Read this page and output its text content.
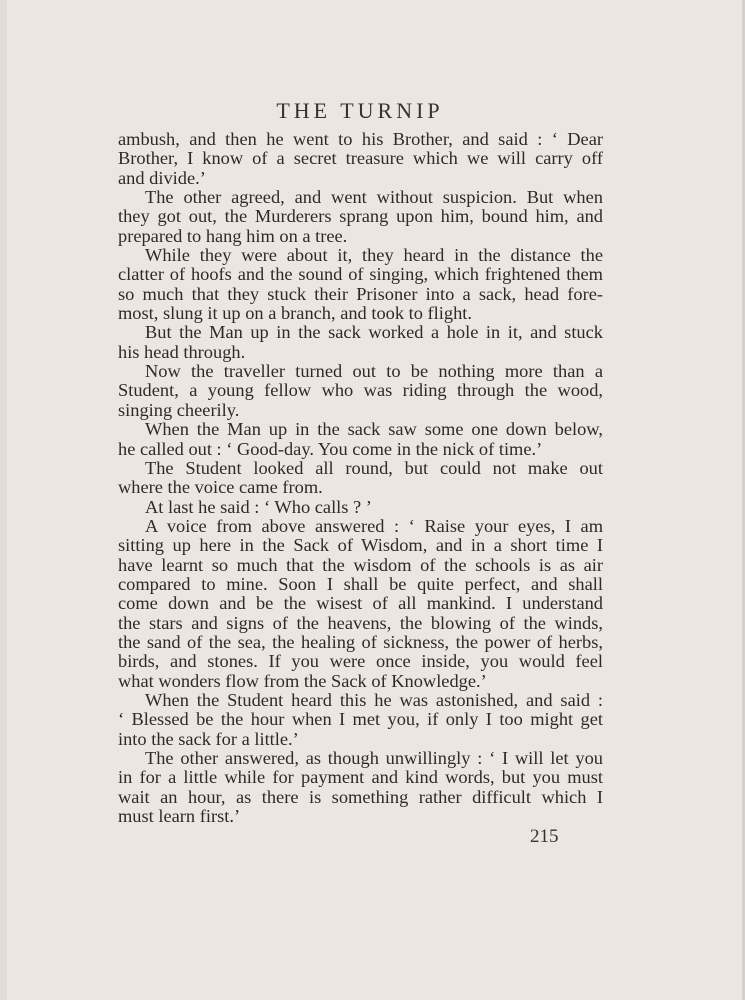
THE TURNIP
ambush, and then he went to his Brother, and said : ‘ Dear
Brother, I know of a secret treasure which we will carry off
and divide.’
The other agreed, and went without suspicion. But when
they got out, the Murderers sprang upon him, bound him, and
prepared to hang him on a tree.
While they were about it, they heard in the distance the
clatter of hoofs and the sound of singing, which frightened them
so much that they stuck their Prisoner into a sack, head fore-
most, slung it up on a branch, and took to flight.
But the Man up in the sack worked a hole in it, and stuck
his head through.
Now the traveller turned out to be nothing more than a
Student, a young fellow who was riding through the wood,
singing cheerily.
When the Man up in the sack saw some one down below,
he called out : ‘ Good-day. You come in the nick of time.’
The Student looked all round, but could not make out
where the voice came from.
At last he said : ‘ Who calls ? ’
A voice from above answered : ‘ Raise your eyes, I am
sitting up here in the Sack of Wisdom, and in a short time I
have learnt so much that the wisdom of the schools is as air
compared to mine. Soon I shall be quite perfect, and shall
come down and be the wisest of all mankind. I understand
the stars and signs of the heavens, the blowing of the winds,
the sand of the sea, the healing of sickness, the power of herbs,
birds, and stones. If you were once inside, you would feel
what wonders flow from the Sack of Knowledge.’
When the Student heard this he was astonished, and said :
‘ Blessed be the hour when I met you, if only I too might get
into the sack for a little.’
The other answered, as though unwillingly : ‘ I will let you
in for a little while for payment and kind words, but you must
wait an hour, as there is something rather difficult which I
must learn first.’
215
